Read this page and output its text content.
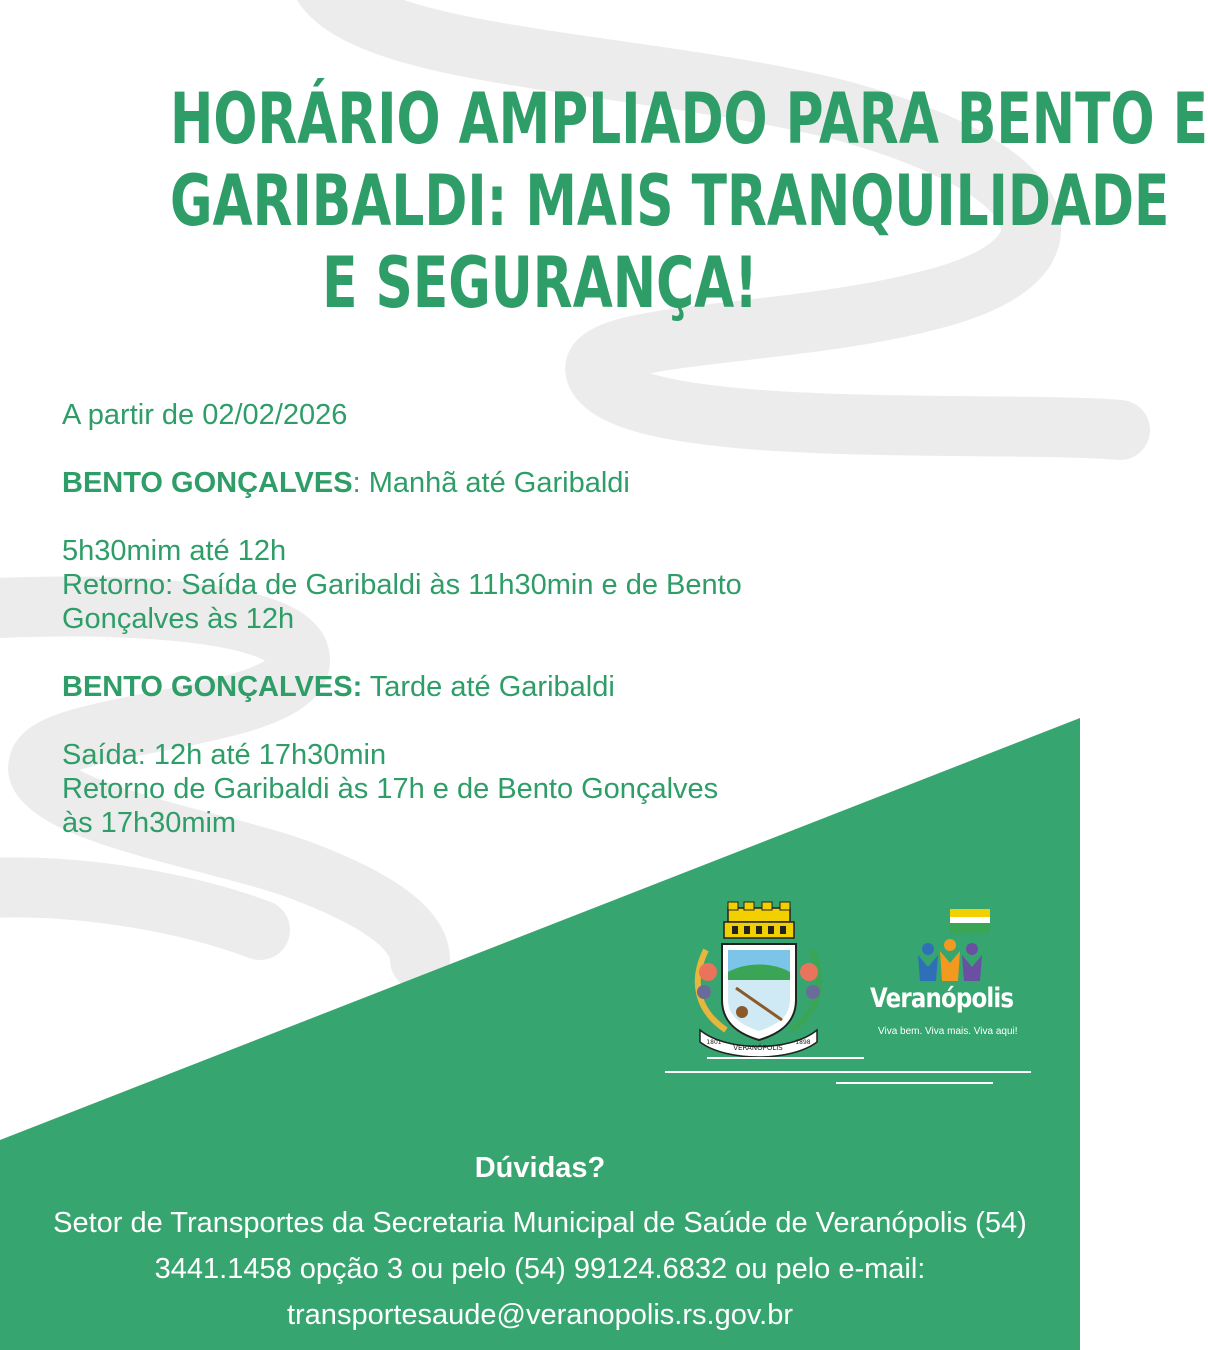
HORÁRIO AMPLIADO PARA BENTO E
GARIBALDI: MAIS TRANQUILIDADE
E SEGURANÇA!

A partir de 02/02/2026

BENTO GONÇALVES: Manhã até Garibaldi

5h30mim até 12h

Retorno: Saída de Garibaldi às 11h30min e de Bento

Gonçalves às 12h

BENTO GONÇALVES: Tarde até Garibaldi

Saída: 12h até 17h30min

Retorno de Garibaldi às 17h e de Bento Gonçalves

às 17h30mim

VERANÓPOLIS
1801	1898
Veranópolis
Viva bem. Viva mais. Viva aqui!
Dúvidas?
Setor de Transportes da Secretaria Municipal de Saúde de Veranópolis (54) 3441.1458 opção 3 ou pelo (54) 99124.6832 ou pelo e-mail: transportesaude@veranopolis.rs.gov.br
